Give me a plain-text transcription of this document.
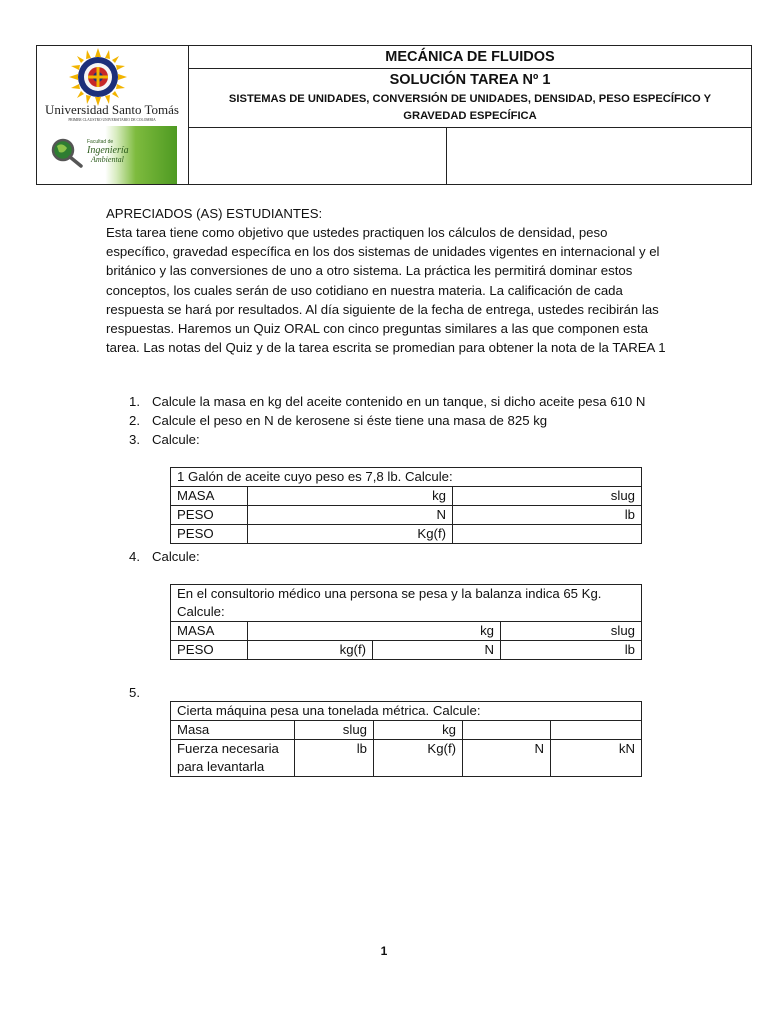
Universidad Santo Tomás
PRIMER CLAUSTRO UNIVERSITARIO DE COLOMBIA
Facultad de
Ingeniería
Ambiental
MECÁNICA DE FLUIDOS
SOLUCIÓN TAREA Nº 1
SISTEMAS DE UNIDADES, CONVERSIÓN DE UNIDADES, DENSIDAD, PESO ESPECÍFICO Y GRAVEDAD ESPECÍFICA
APRECIADOS (AS) ESTUDIANTES:
Esta tarea tiene como objetivo que ustedes practiquen los cálculos de densidad, peso específico, gravedad específica en los dos sistemas de unidades vigentes en internacional y el británico y las conversiones de uno a otro sistema. La práctica les permitirá dominar estos conceptos, los cuales serán de uso cotidiano en nuestra materia. La calificación de cada respuesta se hará por resultados. Al día siguiente de la fecha de entrega, ustedes recibirán las respuestas. Haremos un Quiz ORAL con cinco preguntas similares a las que componen esta tarea. Las notas del Quiz y de la tarea escrita se promedian para obtener la nota de la TAREA 1
1. Calcule la masa en kg del aceite contenido en un tanque, si dicho aceite pesa 610 N
2. Calcule el peso en N de kerosene si éste tiene una masa de 825 kg
3. Calcule:
1 Galón de aceite cuyo peso es 7,8 lb. Calcule:		
MASA	kg	slug
PESO	N	lb
PESO	Kg(f)	
4. Calcule:
En el consultorio médico una persona se pesa y la balanza indica 65 Kg. Calcule:			
MASA	kg		slug
PESO	kg(f)	N	lb
5.
Cierta máquina pesa una tonelada métrica. Calcule:				
Masa	slug	kg		
Fuerza necesaria para levantarla	lb	Kg(f)	N	kN
1
